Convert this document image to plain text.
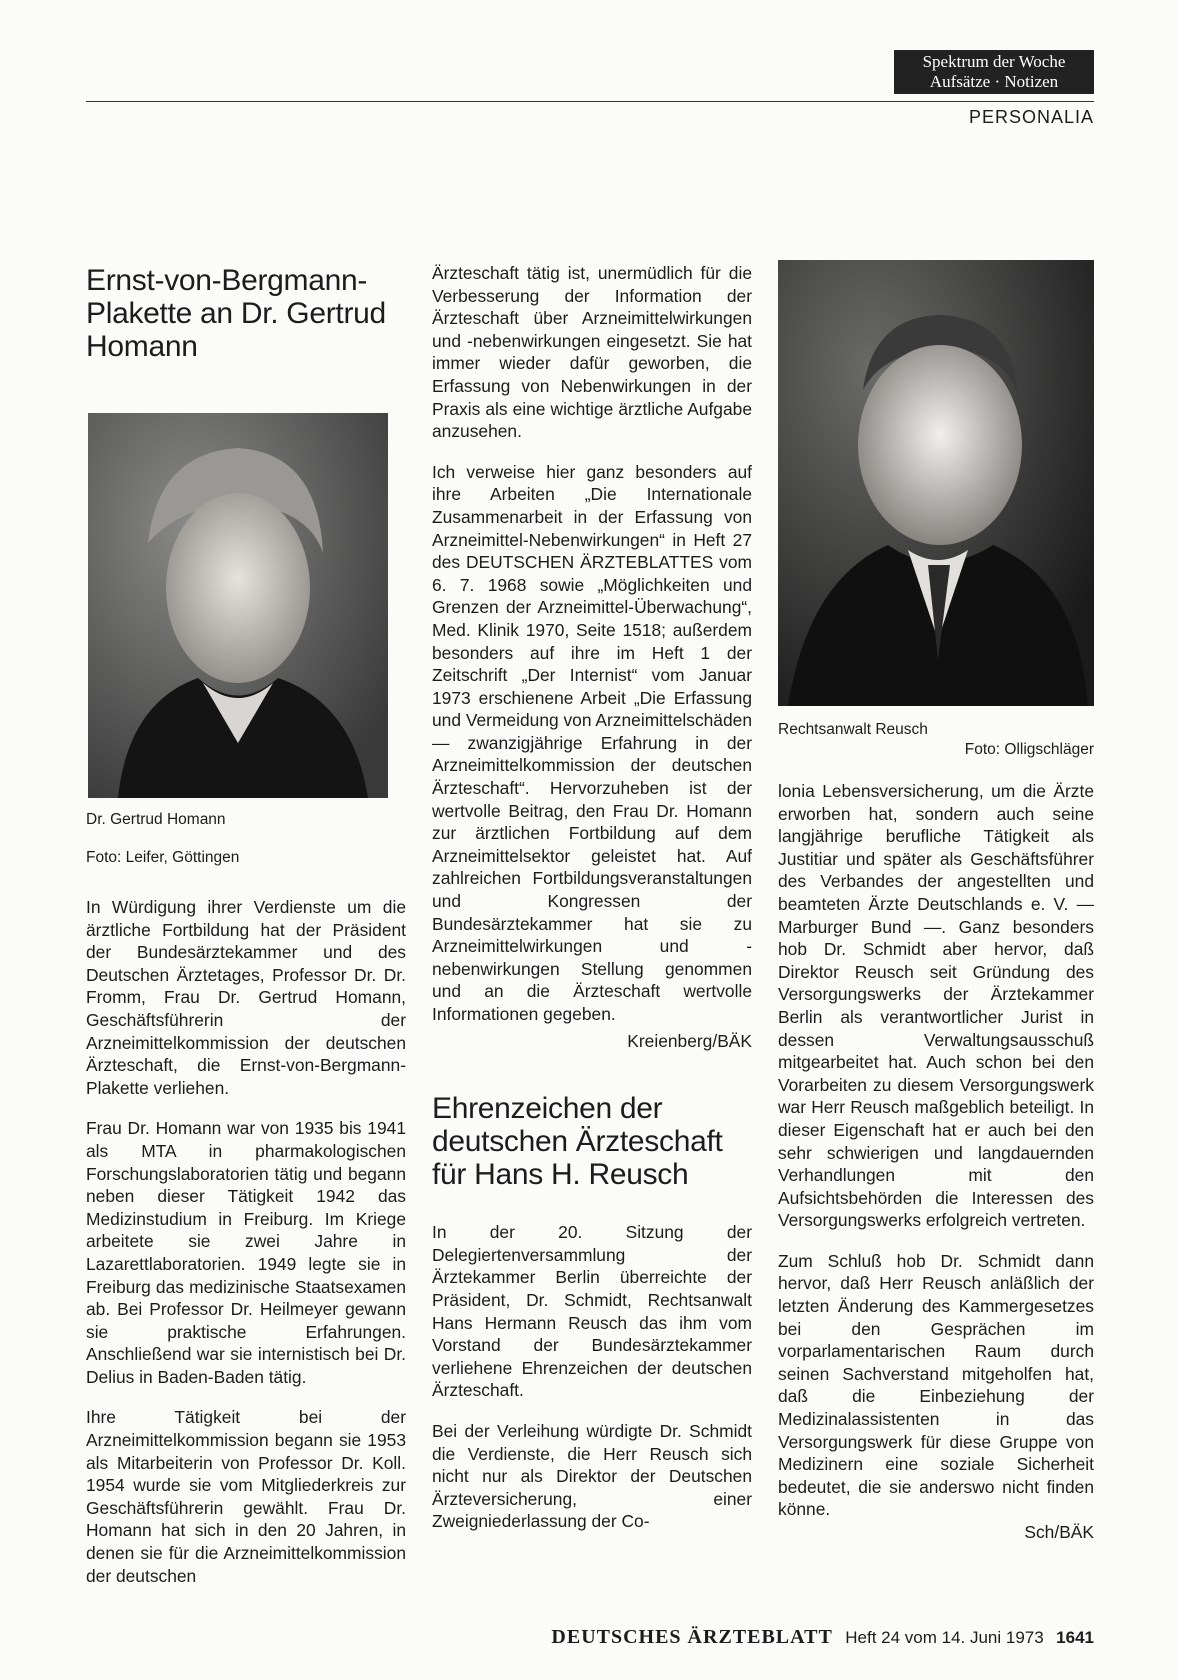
Spektrum der Woche
Aufsätze · Notizen
PERSONALIA
Ernst-von-Bergmann-Plakette an Dr. Gertrud Homann

Dr. Gertrud Homann

Foto: Leifer, Göttingen

In Würdigung ihrer Verdienste um die ärztliche Fortbildung hat der Präsident der Bundesärztekammer und des Deutschen Ärztetages, Professor Dr. Dr. Fromm, Frau Dr. Gertrud Homann, Geschäftsführerin der Arzneimittelkommission der deutschen Ärzteschaft, die Ernst-von-Bergmann-Plakette verliehen.

Frau Dr. Homann war von 1935 bis 1941 als MTA in pharmakologischen Forschungslaboratorien tätig und begann neben dieser Tätigkeit 1942 das Medizinstudium in Freiburg. Im Kriege arbeitete sie zwei Jahre in Lazarettlaboratorien. 1949 legte sie in Freiburg das medizinische Staatsexamen ab. Bei Professor Dr. Heilmeyer gewann sie praktische Erfahrungen. Anschließend war sie internistisch bei Dr. Delius in Baden-Baden tätig.

Ihre Tätigkeit bei der Arzneimittelkommission begann sie 1953 als Mitarbeiterin von Professor Dr. Koll. 1954 wurde sie vom Mitgliederkreis zur Geschäftsführerin gewählt. Frau Dr. Homann hat sich in den 20 Jahren, in denen sie für die Arzneimittelkommission der deutschen

Ärzteschaft tätig ist, unermüdlich für die Verbesserung der Information der Ärzteschaft über Arzneimittelwirkungen und -nebenwirkungen eingesetzt. Sie hat immer wieder dafür geworben, die Erfassung von Nebenwirkungen in der Praxis als eine wichtige ärztliche Aufgabe anzusehen.

Ich verweise hier ganz besonders auf ihre Arbeiten „Die Internationale Zusammenarbeit in der Erfassung von Arzneimittel-Nebenwirkungen“ in Heft 27 des DEUTSCHEN ÄRZTEBLATTES vom 6. 7. 1968 sowie „Möglichkeiten und Grenzen der Arzneimittel-Überwachung“, Med. Klinik 1970, Seite 1518; außerdem besonders auf ihre im Heft 1 der Zeitschrift „Der Internist“ vom Januar 1973 erschienene Arbeit „Die Erfassung und Vermeidung von Arzneimittelschäden — zwanzigjährige Erfahrung in der Arzneimittelkommission der deutschen Ärzteschaft“. Hervorzuheben ist der wertvolle Beitrag, den Frau Dr. Homann zur ärztlichen Fortbildung auf dem Arzneimittelsektor geleistet hat. Auf zahlreichen Fortbildungsveranstaltungen und Kongressen der Bundesärztekammer hat sie zu Arzneimittelwirkungen und -nebenwirkungen Stellung genommen und an die Ärzteschaft wertvolle Informationen gegeben.

Kreienberg/BÄK
Ehrenzeichen der deutschen Ärzteschaft für Hans H. Reusch

In der 20. Sitzung der Delegiertenversammlung der Ärztekammer Berlin überreichte der Präsident, Dr. Schmidt, Rechtsanwalt Hans Hermann Reusch das ihm vom Vorstand der Bundesärztekammer verliehene Ehrenzeichen der deutschen Ärzteschaft.

Bei der Verleihung würdigte Dr. Schmidt die Verdienste, die Herr Reusch sich nicht nur als Direktor der Deutschen Ärzteversicherung, einer Zweigniederlassung der Co-

Rechtsanwalt Reusch

Foto: Olligschläger

lonia Lebensversicherung, um die Ärzte erworben hat, sondern auch seine langjährige berufliche Tätigkeit als Justitiar und später als Geschäftsführer des Verbandes der angestellten und beamteten Ärzte Deutschlands e. V. — Marburger Bund —. Ganz besonders hob Dr. Schmidt aber hervor, daß Direktor Reusch seit Gründung des Versorgungswerks der Ärztekammer Berlin als verantwortlicher Jurist in dessen Verwaltungsausschuß mitgearbeitet hat. Auch schon bei den Vorarbeiten zu diesem Versorgungswerk war Herr Reusch maßgeblich beteiligt. In dieser Eigenschaft hat er auch bei den sehr schwierigen und langdauernden Verhandlungen mit den Aufsichtsbehörden die Interessen des Versorgungswerks erfolgreich vertreten.

Zum Schluß hob Dr. Schmidt dann hervor, daß Herr Reusch anläßlich der letzten Änderung des Kammergesetzes bei den Gesprächen im vorparlamentarischen Raum durch seinen Sachverstand mitgeholfen hat, daß die Einbeziehung der Medizinalassistenten in das Versorgungswerk für diese Gruppe von Medizinern eine soziale Sicherheit bedeutet, die sie anderswo nicht finden könne.

Sch/BÄK
DEUTSCHES ÄRZTEBLATT Heft 24 vom 14. Juni 1973 1641
